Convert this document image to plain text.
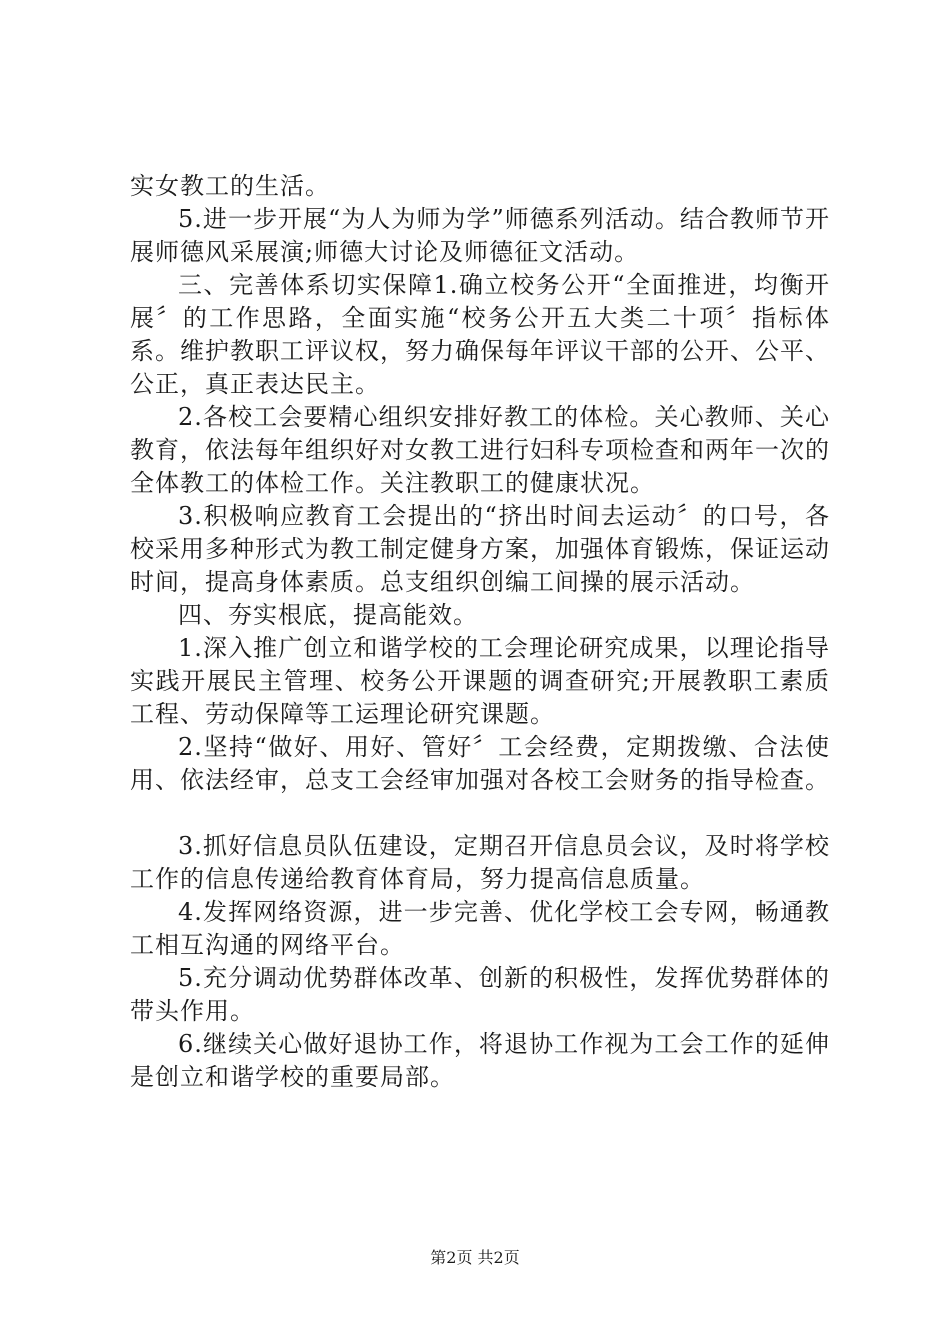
实女教工的生活。

5.进一步开展“为人为师为学”师德系列活动。结合教师节开展师德风采展演;师德大讨论及师德征文活动。

三、完善体系切实保障1.确立校务公开“全面推进，均衡开展〞的工作思路，全面实施“校务公开五大类二十项〞指标体系。维护教职工评议权，努力确保每年评议干部的公开、公平、公正，真正表达民主。

2.各校工会要精心组织安排好教工的体检。关心教师、关心教育，依法每年组织好对女教工进行妇科专项检查和两年一次的全体教工的体检工作。关注教职工的健康状况。

3.积极响应教育工会提出的“挤出时间去运动〞的口号，各校采用多种形式为教工制定健身方案，加强体育锻炼，保证运动时间，提高身体素质。总支组织创编工间操的展示活动。

四、夯实根底，提高能效。

1.深入推广创立和谐学校的工会理论研究成果，以理论指导实践开展民主管理、校务公开课题的调查研究;开展教职工素质工程、劳动保障等工运理论研究课题。

2.坚持“做好、用好、管好〞工会经费，定期拨缴、合法使用、依法经审，总支工会经审加强对各校工会财务的指导检查。

3.抓好信息员队伍建设，定期召开信息员会议，及时将学校工作的信息传递给教育体育局，努力提高信息质量。

4.发挥网络资源，进一步完善、优化学校工会专网，畅通教工相互沟通的网络平台。

5.充分调动优势群体改革、创新的积极性，发挥优势群体的带头作用。

6.继续关心做好退协工作，将退协工作视为工会工作的延伸是创立和谐学校的重要局部。

第2页 共2页
